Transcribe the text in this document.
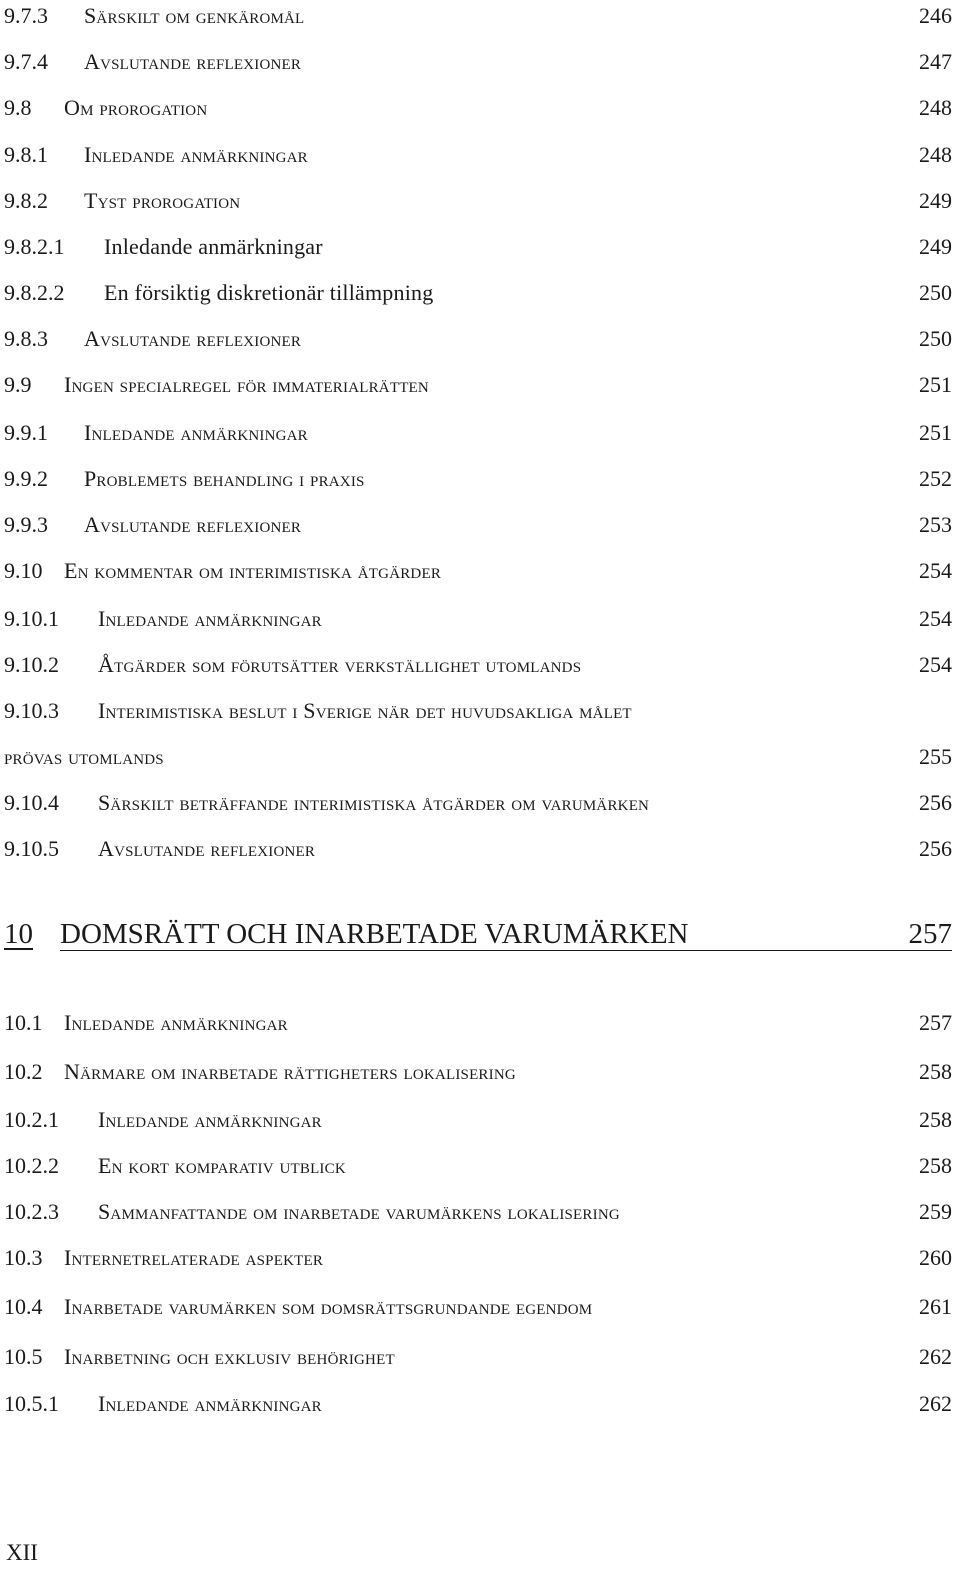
9.7.3 Särskilt om genkärомål	246
9.7.4 Avslutande reflexioner	247
9.8 Om prorogation	248
9.8.1 Inledande anmärkningar	248
9.8.2 Tyst prorogation	249
9.8.2.1 Inledande anmärkningar	249
9.8.2.2 En försiktig diskretionär tillämpning	250
9.8.3 Avslutande reflexioner	250
9.9 Ingen specialregel för immaterialrätten	251
9.9.1 Inledande anmärkningar	251
9.9.2 Problemets behandling i praxis	252
9.9.3 Avslutande reflexioner	253
9.10 En kommentar om interimistiska åtgärder	254
9.10.1 Inledande anmärkningar	254
9.10.2 Åtgärder som förutsätter verkställighet utomlands	254
9.10.3 Interimistiska beslut i Sverige när det huvudsakliga målet
prövas utomlands	255
9.10.4 Särskilt beträffande interimistiska åtgärder om varumärken	256
9.10.5 Avslutande reflexioner	256
10 DOMSRÄTT OCH INARBETADE VARUMÄRKEN	257
10.1 Inledande anmärkningar	257
10.2 Närmare om inarbetade rättigheters lokalisering	258
10.2.1 Inledande anmärkningar	258
10.2.2 En kort komparativ utblick	258
10.2.3 Sammanfattande om inarbetade varumärkens lokalisering	259
10.3 Internetrelaterade aspekter	260
10.4 Inarbetade varumärken som domsrättsgrundande egendom	261
10.5 Inarbetning och exklusiv behörighet	262
10.5.1 Inledande anmärkningar	262
XII
